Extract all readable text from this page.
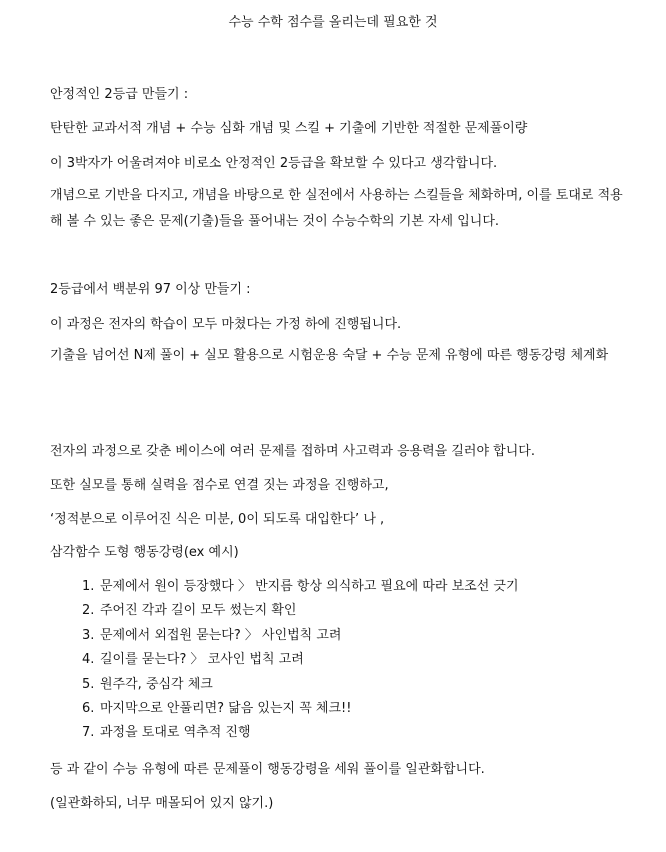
수능 수학 점수를 올리는데 필요한 것
안정적인 2등급 만들기 :
탄탄한 교과서적 개념 + 수능 심화 개념 및 스킬 + 기출에 기반한 적절한 문제풀이량
이 3박자가 어울려져야 비로소 안정적인 2등급을 확보할 수 있다고 생각합니다.
개념으로 기반을 다지고, 개념을 바탕으로 한 실전에서 사용하는 스킬들을 체화하며, 이를 토대로 적용해 볼 수 있는 좋은 문제(기출)들을 풀어내는 것이 수능수학의 기본 자세 입니다.
2등급에서 백분위 97 이상 만들기 :
이 과정은 전자의 학습이 모두 마쳤다는 가정 하에 진행됩니다.
기출을 넘어선 N제 풀이 + 실모 활용으로 시험운용 숙달 + 수능 문제 유형에 따른 행동강령 체계화
전자의 과정으로 갖춘 베이스에 여러 문제를 접하며 사고력과 응용력을 길러야 합니다.
또한 실모를 통해 실력을 점수로 연결 짓는 과정을 진행하고,
‘정적분으로 이루어진 식은 미분, 0이 되도록 대입한다’ 나 ,
삼각함수 도형 행동강령(ex 예시)
1. 문제에서 원이 등장했다 〉 반지름 항상 의식하고 필요에 따라 보조선 긋기
2. 주어진 각과 길이 모두 썼는지 확인
3. 문제에서 외접원 묻는다? 〉 사인법칙 고려
4. 길이를 묻는다? 〉 코사인 법칙 고려
5. 원주각, 중심각 체크
6. 마지막으로 안풀리면? 닮음 있는지 꼭 체크!!
7. 과정을 토대로 역추적 진행
등 과 같이 수능 유형에 따른 문제풀이 행동강령을 세워 풀이를 일관화합니다.
(일관화하되, 너무 매몰되어 있지 않기.)
